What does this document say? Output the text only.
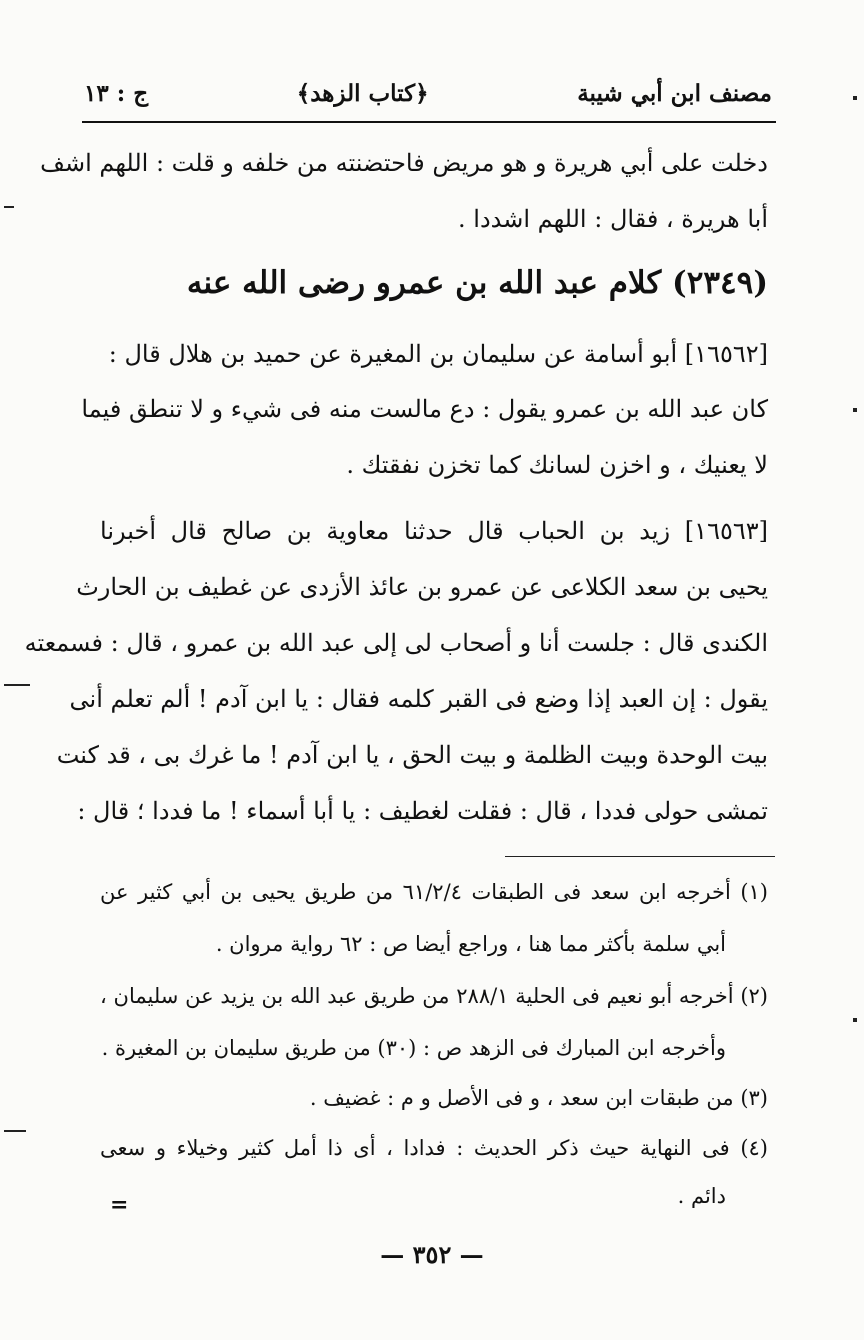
مصنف ابن أبي شيبة
﴿كتاب الزهد﴾
ج : ١٣
دخلت على أبي هريرة و هو مريض فاحتضنته من خلفه و قلت : اللهم اشف
أبا هريرة ، فقال : اللهم اشددا .
(٢٣٤٩) كلام عبد الله بن عمرو رضى الله عنه
[١٦٥٦٢] أبو أسامة عن سليمان بن المغيرة عن حميد بن هلال قال :
كان عبد الله بن عمرو يقول : دع مالست منه فى شيء و لا تنطق فيما
لا يعنيك ، و اخزن لسانك كما تخزن نفقتك .
[١٦٥٦٣] زيد بن الحباب قال حدثنا معاوية بن صالح قال أخبرنا
يحيى بن سعد الكلاعى عن عمرو بن عائذ الأزدى عن غطيف بن الحارث
الكندى قال : جلست أنا و أصحاب لى إلى عبد الله بن عمرو ، قال : فسمعته
يقول : إن العبد إذا وضع فى القبر كلمه فقال : يا ابن آدم ! ألم تعلم أنى
بيت الوحدة وبيت الظلمة و بيت الحق ، يا ابن آدم ! ما غرك بى ، قد كنت
تمشى حولى فددا ، قال : فقلت لغطيف : يا أبا أسماء ! ما فددا ؛ قال :
(١) أخرجه ابن سعد فى الطبقات ٦١/٢/٤ من طريق يحيى بن أبي كثير عن
أبي سلمة بأكثر مما هنا ، وراجع أيضا ص : ٦٢ رواية مروان .
(٢) أخرجه أبو نعيم فى الحلية ٢٨٨/١ من طريق عبد الله بن يزيد عن سليمان ،
وأخرجه ابن المبارك فى الزهد ص : (٣٠) من طريق سليمان بن المغيرة .
(٣) من طبقات ابن سعد ، و فى الأصل و م : غضيف .
(٤) فى النهاية حيث ذكر الحديث : فدادا ، أى ذا أمل كثير وخيلاء و سعى
دائم .
=
— ٣٥٢ —
